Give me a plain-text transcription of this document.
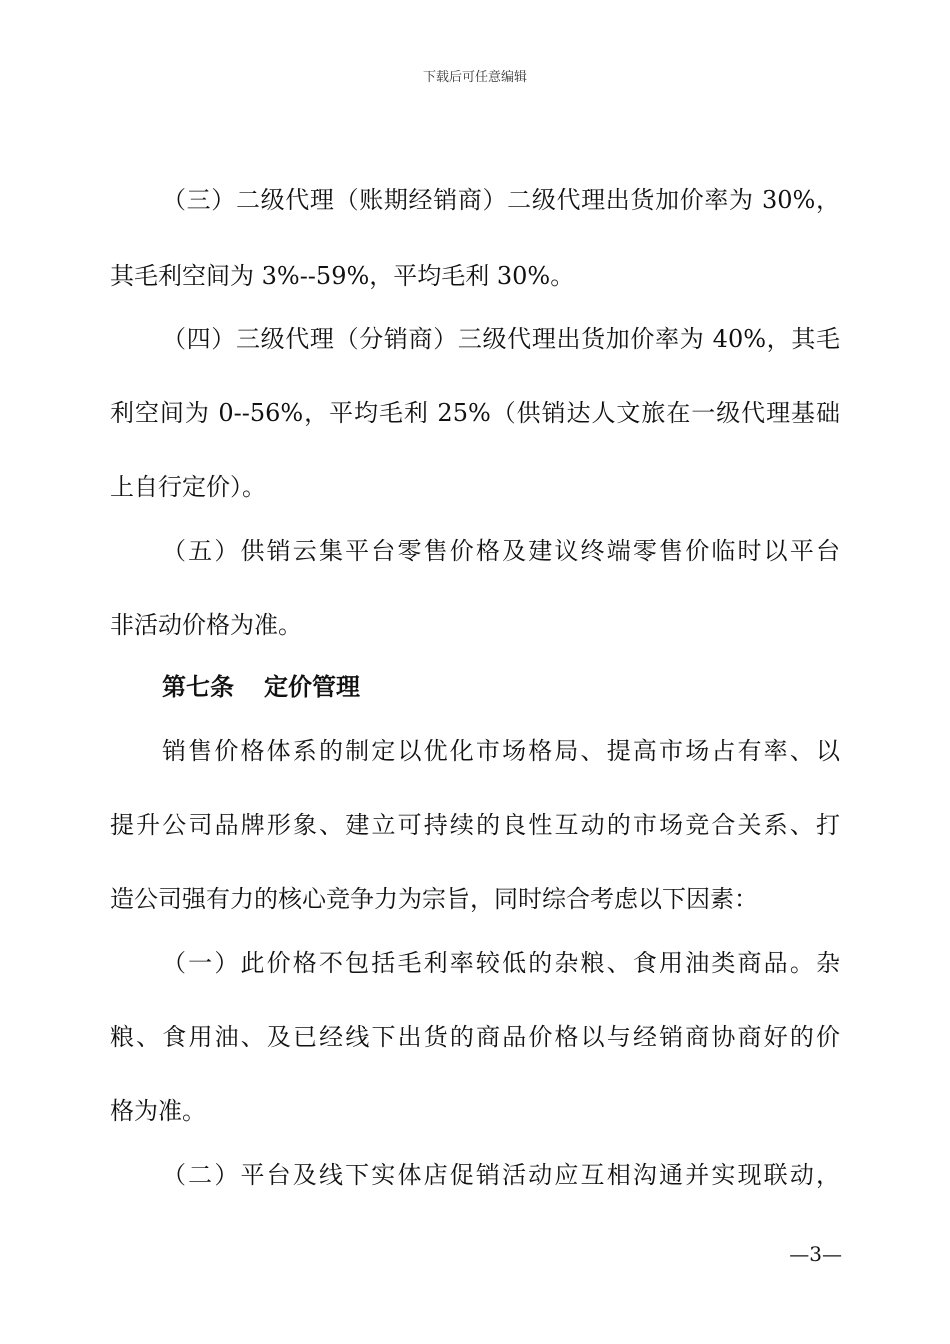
下载后可任意编辑
（三）二级代理（账期经销商）二级代理出货加价率为 30%，
其毛利空间为 3%--59%，平均毛利 30%。
（四）三级代理（分销商）三级代理出货加价率为 40%，其毛
利空间为 0--56%，平均毛利 25%（供销达人文旅在一级代理基础
上自行定价）。
（五）供销云集平台零售价格及建议终端零售价临时以平台
非活动价格为准。
第七条 定价管理
销售价格体系的制定以优化市场格局、提高市场占有率、以
提升公司品牌形象、建立可持续的良性互动的市场竞合关系、打
造公司强有力的核心竞争力为宗旨，同时综合考虑以下因素：
（一）此价格不包括毛利率较低的杂粮、食用油类商品。杂
粮、食用油、及已经线下出货的商品价格以与经销商协商好的价
格为准。
（二）平台及线下实体店促销活动应互相沟通并实现联动，
—3—
